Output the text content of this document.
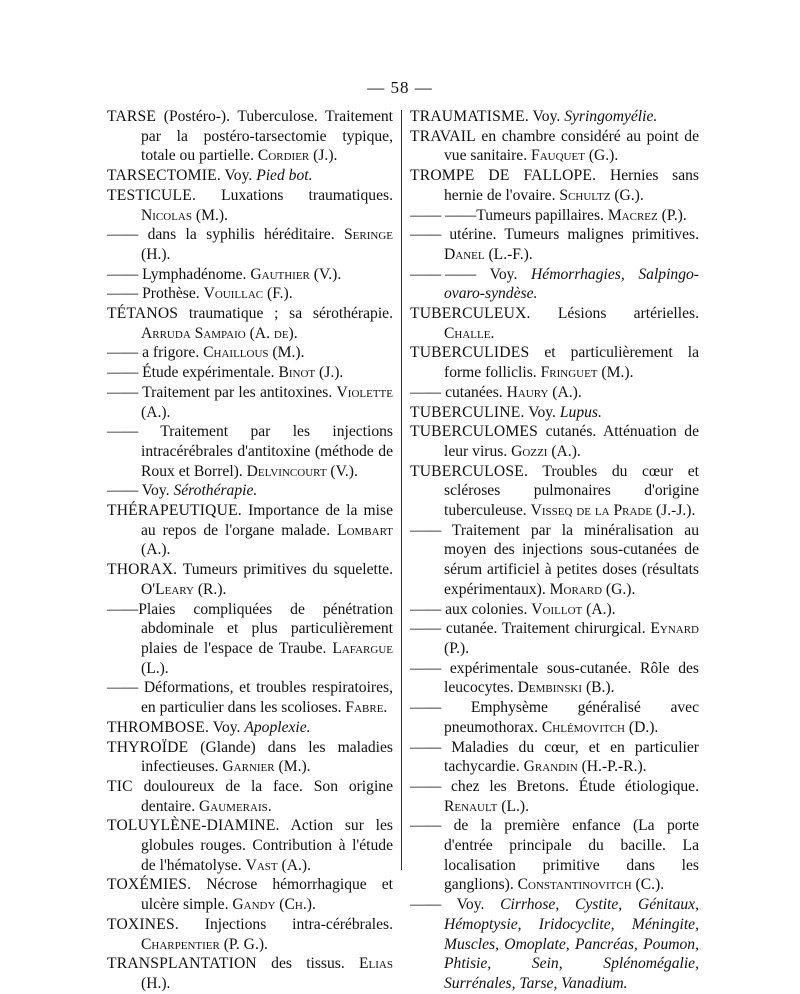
— 58 —
TARSE (Postéro-). Tuberculose. Traitement par la postéro-tarsectomie typique, totale ou partielle. Cordier (J.).
TARSECTOMIE. Voy. Pied bot.
TESTICULE. Luxations traumatiques. Nicolas (M.).
—— dans la syphilis héréditaire. Seringe (H.).
—— Lymphadénome. Gauthier (V.).
—— Prothèse. Vouillac (F.).
TÉTANOS traumatique ; sa sérothérapie. Arruda Sampaio (A. de).
—— a frigore. Chaillous (M.).
—— Étude expérimentale. Binot (J.).
—— Traitement par les antitoxines. Violette (A.).
—— Traitement par les injections intracérébrales d'antitoxine (méthode de Roux et Borrel). Delvincourt (V.).
—— Voy. Sérothérapie.
THÉRAPEUTIQUE. Importance de la mise au repos de l'organe malade. Lombart (A.).
THORAX. Tumeurs primitives du squelette. O'Leary (R.).
——Plaies compliquées de pénétration abdominale et plus particulièrement plaies de l'espace de Traube. Lafargue (L.).
—— Déformations, et troubles respiratoires, en particulier dans les scolioses. Fabre.
THROMBOSE. Voy. Apoplexie.
THYROÏDE (Glande) dans les maladies infectieuses. Garnier (M.).
TIC douloureux de la face. Son origine dentaire. Gaumerais.
TOLUYLÈNE-DIAMINE. Action sur les globules rouges. Contribution à l'étude de l'hématolyse. Vast (A.).
TOXÉMIES. Nécrose hémorrhagique et ulcère simple. Gandy (Ch.).
TOXINES. Injections intra-cérébrales. Charpentier (P. G.).
TRANSPLANTATION des tissus. Elias (H.).
TRAUMATISME. Voy. Syringomyélie.
TRAVAIL en chambre considéré au point de vue sanitaire. Fauquet (G.).
TROMPE DE FALLOPE. Hernies sans hernie de l'ovaire. Schultz (G.).
—— ——Tumeurs papillaires. Macrez (P.).
—— utérine. Tumeurs malignes primitives. Danel (L.-F.).
—— —— Voy. Hémorrhagies, Salpingo-ovaro-syndèse.
TUBERCULEUX. Lésions artérielles. Challe.
TUBERCULIDES et particulièrement la forme folliclis. Fringuet (M.).
—— cutanées. Haury (A.).
TUBERCULINE. Voy. Lupus.
TUBERCULOMES cutanés. Atténuation de leur virus. Gozzi (A.).
TUBERCULOSE. Troubles du cœur et scléroses pulmonaires d'origine tuberculeuse. Visseq de la Prade (J.-J.).
—— Traitement par la minéralisation au moyen des injections sous-cutanées de sérum artificiel à petites doses (résultats expérimentaux). Morard (G.).
—— aux colonies. Voillot (A.).
—— cutanée. Traitement chirurgical. Eynard (P.).
—— expérimentale sous-cutanée. Rôle des leucocytes. Dembinski (B.).
—— Emphysème généralisé avec pneumothorax. Chlémovitch (D.).
—— Maladies du cœur, et en particulier tachycardie. Grandin (H.-P.-R.).
—— chez les Bretons. Étude étiologique. Renault (L.).
—— de la première enfance (La porte d'entrée principale du bacille. La localisation primitive dans les ganglions). Constantinovitch (C.).
—— Voy. Cirrhose, Cystite, Génitaux, Hémoptysie, Iridocyclite, Méningite, Muscles, Omoplate, Pancréas, Poumon, Phtisie, Sein, Splénomégalie, Surrénales, Tarse, Vanadium.
